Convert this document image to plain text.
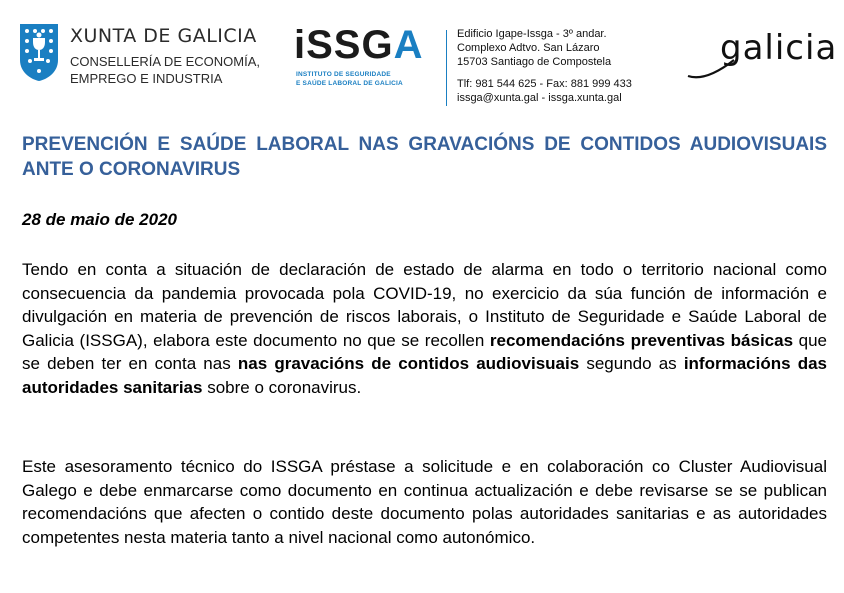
XUNTA DE GALICIA
CONSELLERÍA DE ECONOMÍA,
EMPREGO E INDUSTRIA
iSSGA
INSTITUTO DE SEGURIDADE
E SAÚDE LABORAL DE GALICIA
Edificio Igape-Issga - 3º andar.
Complexo Adtvo. San Lázaro
15703 Santiago de Compostela
Tlf: 981 544 625 - Fax: 881 999 433
issga@xunta.gal - issga.xunta.gal
galicia
PREVENCIÓN E SAÚDE LABORAL NAS GRAVACIÓNS DE CONTIDOS AUDIOVISUAIS ANTE O CORONAVIRUS
28 de maio de 2020

Tendo en conta a situación de declaración de estado de alarma en todo o territorio nacional como consecuencia da pandemia provocada pola COVID-19, no exercicio da súa función de información e divulgación en materia de prevención de riscos laborais, o Instituto de Seguridade e Saúde Laboral de Galicia (ISSGA), elabora este documento no que se recollen recomendacións preventivas básicas que se deben ter en conta nas nas gravacións de contidos audiovisuais segundo as informacións das autoridades sanitarias sobre o coronavirus.

Este asesoramento técnico do ISSGA préstase a solicitude e en colaboración co Cluster Audiovisual Galego e debe enmarcarse como documento en continua actualización e debe revisarse se se publican recomendacións que afecten o contido deste documento polas autoridades sanitarias e as autoridades competentes nesta materia tanto a nivel nacional como autonómico.
